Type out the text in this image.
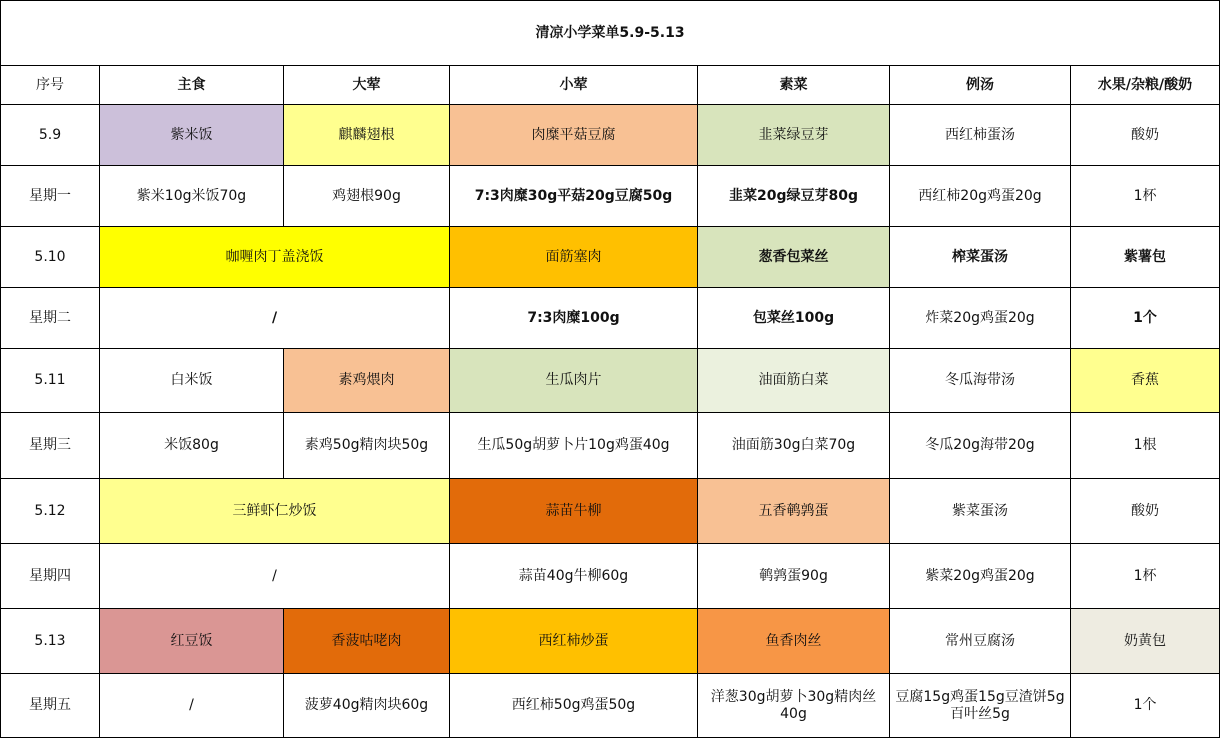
清凉小学菜单5.9-5.13						
序号	主食	大荤	小荤	素菜	例汤	水果/杂粮/酸奶
5.9	紫米饭	麒麟翅根	肉糜平菇豆腐	韭菜绿豆芽	西红柿蛋汤	酸奶
星期一	紫米10g米饭70g	鸡翅根90g	7:3肉糜30g平菇20g豆腐50g	韭菜20g绿豆芽80g	西红柿20g鸡蛋20g	1杯
5.10	咖喱肉丁盖浇饭		面筋塞肉	葱香包菜丝	榨菜蛋汤	紫薯包
星期二	/		7:3肉糜100g	包菜丝100g	炸菜20g鸡蛋20g	1个
5.11	白米饭	素鸡煨肉	生瓜肉片	油面筋白菜	冬瓜海带汤	香蕉
星期三	米饭80g	素鸡50g精肉块50g	生瓜50g胡萝卜片10g鸡蛋40g	油面筋30g白菜70g	冬瓜20g海带20g	1根
5.12	三鲜虾仁炒饭		蒜苗牛柳	五香鹌鹑蛋	紫菜蛋汤	酸奶
星期四	/		蒜苗40g牛柳60g	鹌鹑蛋90g	紫菜20g鸡蛋20g	1杯
5.13	红豆饭	香菠咕咾肉	西红柿炒蛋	鱼香肉丝	常州豆腐汤	奶黄包
星期五	/	菠萝40g精肉块60g	西红柿50g鸡蛋50g	洋葱30g胡萝卜30g精肉丝40g	豆腐15g鸡蛋15g豆渣饼5g百叶丝5g	1个
